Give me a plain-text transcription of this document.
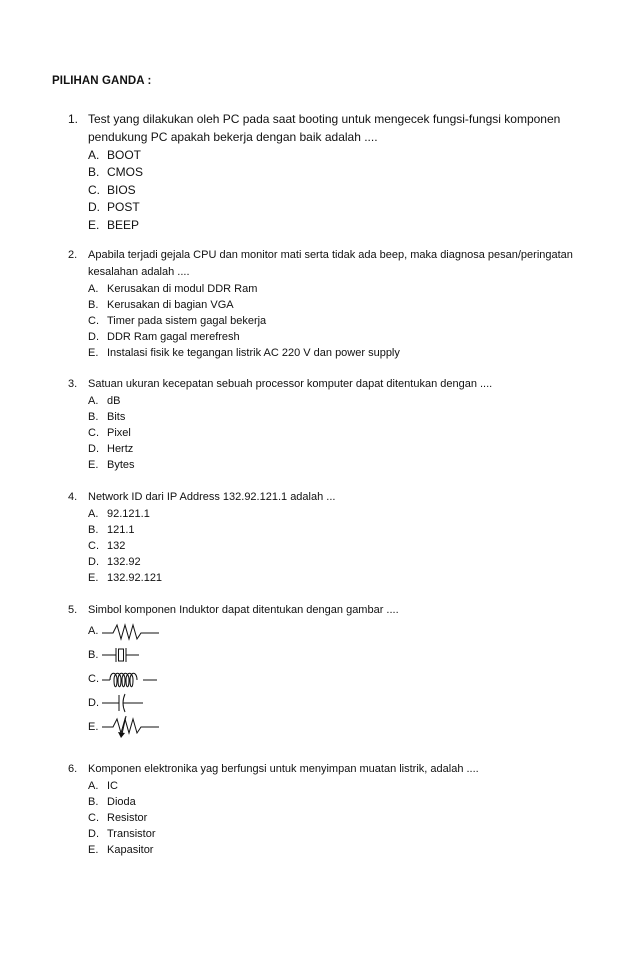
PILIHAN GANDA :
1. Test yang dilakukan oleh PC pada saat booting untuk mengecek fungsi-fungsi komponen pendukung PC apakah bekerja dengan baik adalah ....
A. BOOT
B. CMOS
C. BIOS
D. POST
E. BEEP
2. Apabila terjadi gejala CPU dan monitor mati serta tidak ada beep, maka diagnosa pesan/peringatan kesalahan adalah ....
A. Kerusakan di modul DDR Ram
B. Kerusakan di bagian VGA
C. Timer pada sistem gagal bekerja
D. DDR Ram gagal merefresh
E. Instalasi fisik ke tegangan listrik AC 220 V dan power supply
3. Satuan ukuran kecepatan sebuah processor komputer dapat ditentukan dengan ....
A. dB
B. Bits
C. Pixel
D. Hertz
E. Bytes
4. Network ID dari IP Address 132.92.121.1 adalah ...
A. 92.121.1
B. 121.1
C. 132
D. 132.92
E. 132.92.121
5. Simbol komponen Induktor dapat ditentukan dengan gambar ....
A.
B.
C.
D.
E.
6. Komponen elektronika yag berfungsi untuk menyimpan muatan listrik, adalah ....
A. IC
B. Dioda
C. Resistor
D. Transistor
E. Kapasitor
